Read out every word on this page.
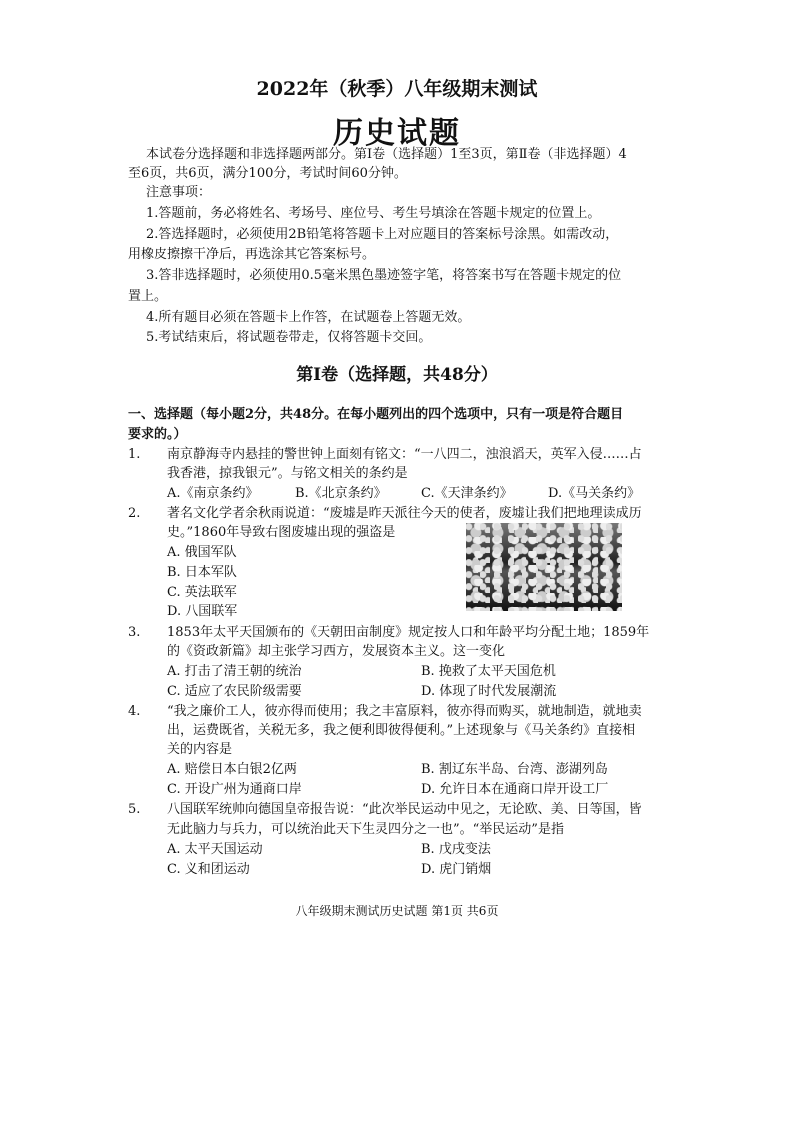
2022年（秋季）八年级期末测试
历史试题
本试卷分选择题和非选择题两部分。第Ⅰ卷（选择题）1至3页，第Ⅱ卷（非选择题）4
至6页，共6页，满分100分，考试时间60分钟。
注意事项：
1.答题前，务必将姓名、考场号、座位号、考生号填涂在答题卡规定的位置上。
2.答选择题时，必须使用2B铅笔将答题卡上对应题目的答案标号涂黑。如需改动，
用橡皮擦擦干净后，再选涂其它答案标号。
3.答非选择题时，必须使用0.5毫米黑色墨迹签字笔，将答案书写在答题卡规定的位
置上。
4.所有题目必须在答题卡上作答，在试题卷上答题无效。
5.考试结束后，将试题卷带走，仅将答题卡交回。
第Ⅰ卷（选择题，共48分）
一、选择题（每小题2分，共48分。在每小题列出的四个选项中，只有一项是符合题目
要求的。）
1. 南京静海寺内悬挂的警世钟上面刻有铭文：“一八四二，浊浪滔天，英军入侵……占
我香港，掠我银元”。与铭文相关的条约是
A.《南京条约》	B.《北京条约》	C.《天津条约》	D.《马关条约》
2. 著名文化学者余秋雨说道：“废墟是昨天派往今天的使者，废墟让我们把地理读成历
史。”1860年导致右图废墟出现的强盗是
A. 俄国军队
B. 日本军队
C. 英法联军
D. 八国联军
3. 1853年太平天国颁布的《天朝田亩制度》规定按人口和年龄平均分配土地；1859年
的《资政新篇》却主张学习西方，发展资本主义。这一变化
A. 打击了清王朝的统治	B. 挽救了太平天国危机
C. 适应了农民阶级需要	D. 体现了时代发展潮流
4. “我之廉价工人，彼亦得而使用；我之丰富原料，彼亦得而购买，就地制造，就地卖
出，运费既省，关税无多，我之便利即彼得便利。”上述现象与《马关条约》直接相
关的内容是
A. 赔偿日本白银2亿两	B. 割辽东半岛、台湾、澎湖列岛
C. 开设广州为通商口岸	D. 允许日本在通商口岸开设工厂
5. 八国联军统帅向德国皇帝报告说：“此次举民运动中见之，无论欧、美、日等国，皆
无此脑力与兵力，可以统治此天下生灵四分之一也”。“举民运动”是指
A. 太平天国运动	B. 戊戌变法
C. 义和团运动	D. 虎门销烟
八年级期末测试历史试题 第1页 共6页
